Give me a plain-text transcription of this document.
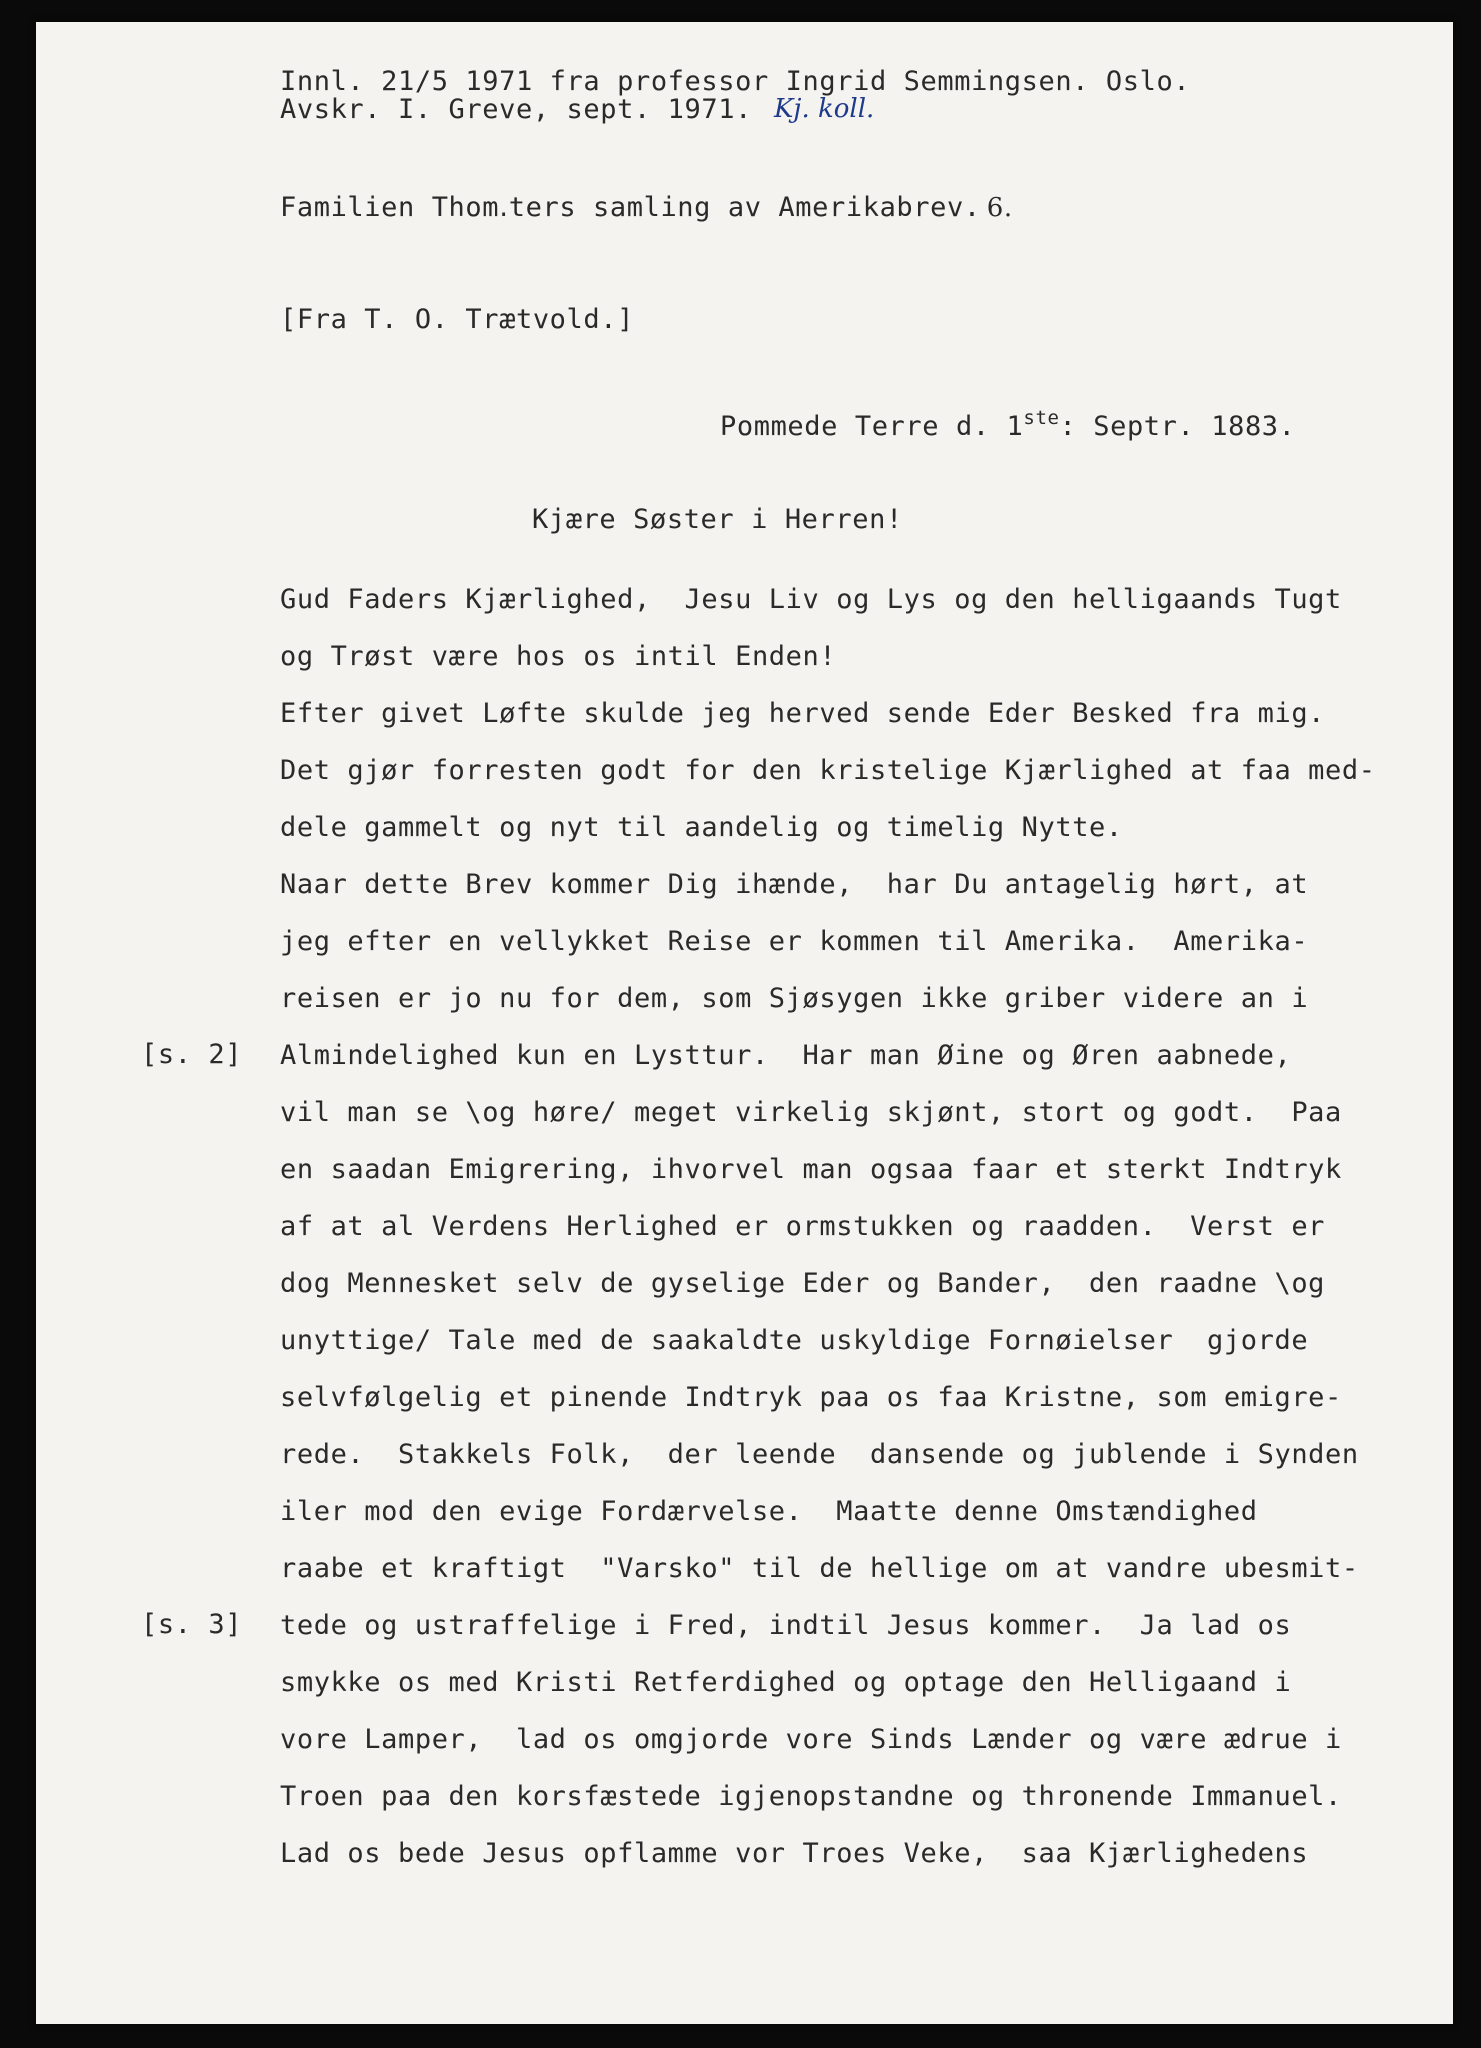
Innl. 21/5 1971 fra professor Ingrid Semmingsen. Oslo.
Avskr. I. Greve, sept. 1971. Kj. koll.
Familien Thom․ters samling av Amerikabrev. 6.
[Fra T. O. Trætvold.]
Pommede Terre d. 1ste: Septr. 1883.
Kjære Søster i Herren!
[s. 2]
[s. 3]
Gud Faders Kjærlighed,  Jesu Liv og Lys og den helligaands Tugt
og Trøst være hos os intil Enden!
Efter givet Løfte skulde jeg herved sende Eder Besked fra mig.
Det gjør forresten godt for den kristelige Kjærlighed at faa med-
dele gammelt og nyt til aandelig og timelig Nytte.
Naar dette Brev kommer Dig ihænde,  har Du antagelig hørt, at
jeg efter en vellykket Reise er kommen til Amerika.  Amerika-
reisen er jo nu for dem, som Sjøsygen ikke griber videre an i
Almindelighed kun en Lysttur.  Har man Øine og Øren aabnede,
vil man se \og høre/ meget virkelig skjønt, stort og godt.  Paa
en saadan Emigrering, ihvorvel man ogsaa faar et sterkt Indtryk
af at al Verdens Herlighed er ormstukken og raadden.  Verst er
dog Mennesket selv de gyselige Eder og Bander,  den raadne \og
unyttige/ Tale med de saakaldte uskyldige Fornøielser  gjorde
selvfølgelig et pinende Indtryk paa os faa Kristne, som emigre-
rede.  Stakkels Folk,  der leende  dansende og jublende i Synden
iler mod den evige Fordærvelse.  Maatte denne Omstændighed
raabe et kraftigt  "Varsko" til de hellige om at vandre ubesmit-
tede og ustraffelige i Fred, indtil Jesus kommer.  Ja lad os
smykke os med Kristi Retferdighed og optage den Helligaand i
vore Lamper,  lad os omgjorde vore Sinds Lænder og være ædrue i
Troen paa den korsfæstede igjenopstandne og thronende Immanuel.
Lad os bede Jesus opflamme vor Troes Veke,  saa Kjærlighedens
